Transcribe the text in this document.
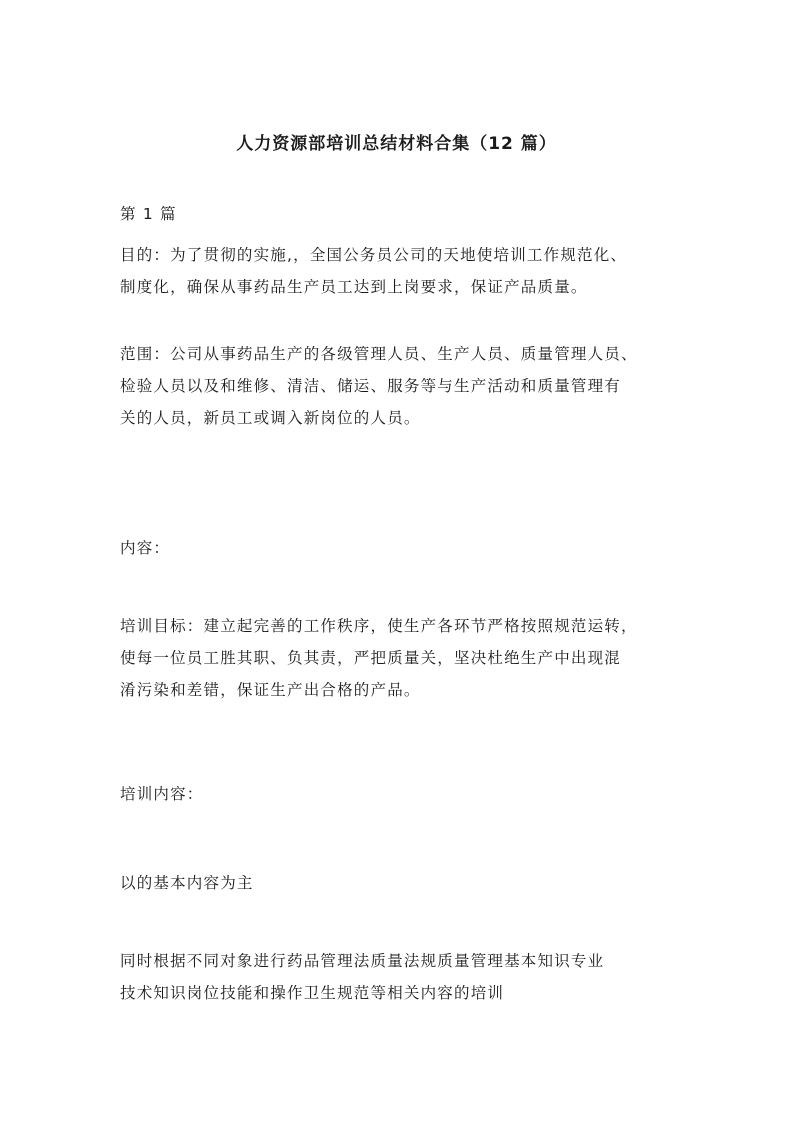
人力资源部培训总结材料合集（12 篇）
第 1 篇
目的：为了贯彻的实施,，全国公务员公司的天地使培训工作规范化、
制度化，确保从事药品生产员工达到上岗要求，保证产品质量。
范围：公司从事药品生产的各级管理人员、生产人员、质量管理人员、
检验人员以及和维修、清洁、储运、服务等与生产活动和质量管理有
关的人员，新员工或调入新岗位的人员。
内容：
培训目标：建立起完善的工作秩序，使生产各环节严格按照规范运转，
使每一位员工胜其职、负其责，严把质量关，坚决杜绝生产中出现混
淆污染和差错，保证生产出合格的产品。
培训内容：
以的基本内容为主
同时根据不同对象进行药品管理法质量法规质量管理基本知识专业
技术知识岗位技能和操作卫生规范等相关内容的培训
